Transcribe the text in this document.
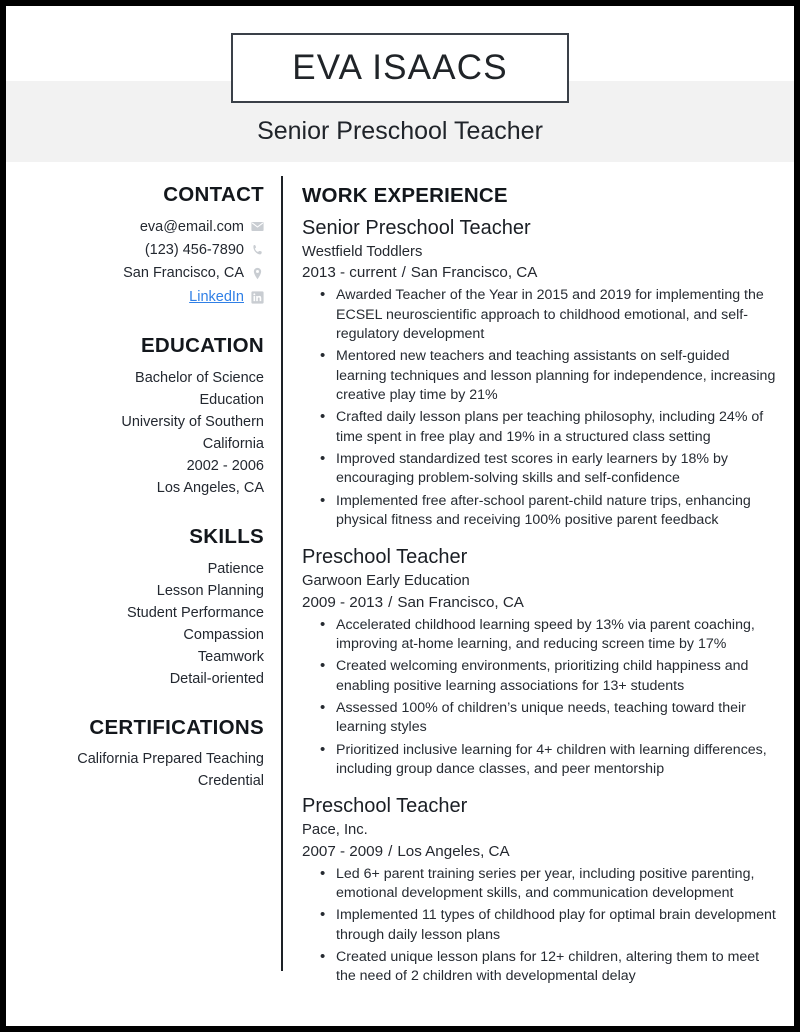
EVA ISAACS
Senior Preschool Teacher
CONTACT
eva@email.com
(123) 456-7890
San Francisco, CA
LinkedIn
EDUCATION
Bachelor of Science
Education
University of Southern
California
2002 - 2006
Los Angeles, CA
SKILLS
Patience
Lesson Planning
Student Performance
Compassion
Teamwork
Detail-oriented
CERTIFICATIONS
California Prepared Teaching
Credential
WORK EXPERIENCE
Senior Preschool Teacher
Westfield Toddlers
2013 - current / San Francisco, CA
• Awarded Teacher of the Year in 2015 and 2019 for implementing the ECSEL neuroscientific approach to childhood emotional, and self-regulatory development
• Mentored new teachers and teaching assistants on self-guided learning techniques and lesson planning for independence, increasing creative play time by 21%
• Crafted daily lesson plans per teaching philosophy, including 24% of time spent in free play and 19% in a structured class setting
• Improved standardized test scores in early learners by 18% by encouraging problem-solving skills and self-confidence
• Implemented free after-school parent-child nature trips, enhancing physical fitness and receiving 100% positive parent feedback
Preschool Teacher
Garwoon Early Education
2009 - 2013 / San Francisco, CA
• Accelerated childhood learning speed by 13% via parent coaching, improving at-home learning, and reducing screen time by 17%
• Created welcoming environments, prioritizing child happiness and enabling positive learning associations for 13+ students
• Assessed 100% of children’s unique needs, teaching toward their learning styles
• Prioritized inclusive learning for 4+ children with learning differences, including group dance classes, and peer mentorship
Preschool Teacher
Pace, Inc.
2007 - 2009 / Los Angeles, CA
• Led 6+ parent training series per year, including positive parenting, emotional development skills, and communication development
• Implemented 11 types of childhood play for optimal brain development through daily lesson plans
• Created unique lesson plans for 12+ children, altering them to meet the need of 2 children with developmental delay
